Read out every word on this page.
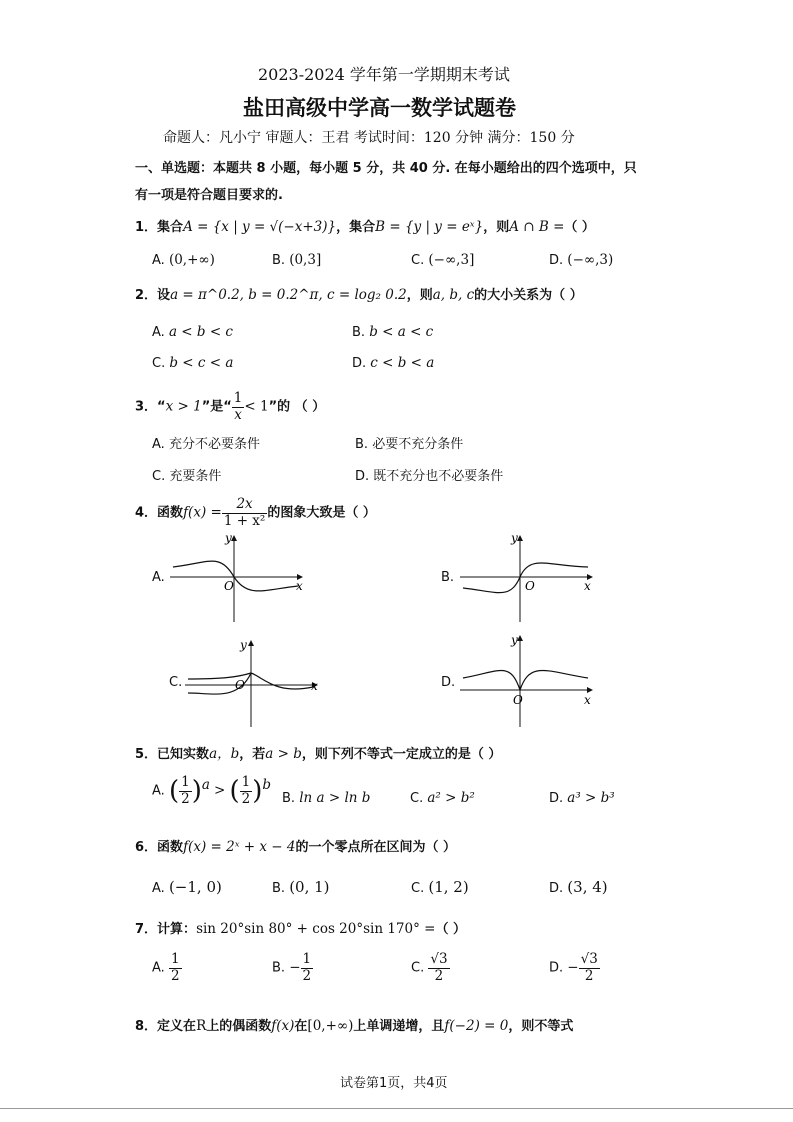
2023-2024 学年第一学期期末考试
盐田高级中学高一数学试题卷
命题人：凡小宁 审题人：王君 考试时间：120 分钟 满分：150 分
一、单选题：本题共 8 小题，每小题 5 分，共 40 分. 在每小题给出的四个选项中，只
有一项是符合题目要求的.
1．集合A = {x | y = √(−x+3)}，集合B = {y | y = eˣ}，则A ∩ B =（ ）
A. (0,+∞)	B. (0,3]	C. (−∞,3]	D. (−∞,3)
2．设a = π^0.2, b = 0.2^π, c = log₂ 0.2，则a, b, c的大小关系为（ ）
A. a < b < c	B. b < a < c
C. b < c < a	D. c < b < a
3．“x > 1”是“ $\frac{1}{x} < 1$”的 （ ）
A. 充分不必要条件	B. 必要不充分条件
C. 充要条件	D. 既不充分也不必要条件
4．函数$f(x) = \frac{2x}{\text{1 + x²}}$ 的图象大致是（ ）
A.
O	x
y
B.
O	x
y
C.	O	x
y
D.
O	x
y
5．已知实数a，b，若a > b，则下列不等式一定成立的是（ ）
A. ( $\frac{1}{2} )^a$ > ( $\frac{1}{2} )^b$
B. ln a > ln b	C. a² > b²	D. a³ > b³
6．函数f(x) = 2ˣ + x − 4的一个零点所在区间为（ ）
A. (−1, 0)	B. (0, 1)	C. (1, 2)	D. (3, 4)
7．计算：sin 20°sin 80° + cos 20°sin 170° =（ ）
A. $\frac{1}{2}$	B. − $\frac{1}{2}$	C. $\frac{√3}{2}$	D. − $\frac{√3}{2}$
8．定义在R上的偶函数f(x)在[0,+∞)上单调递增，且f(−2) = 0，则不等式
试卷第1页，共4页
